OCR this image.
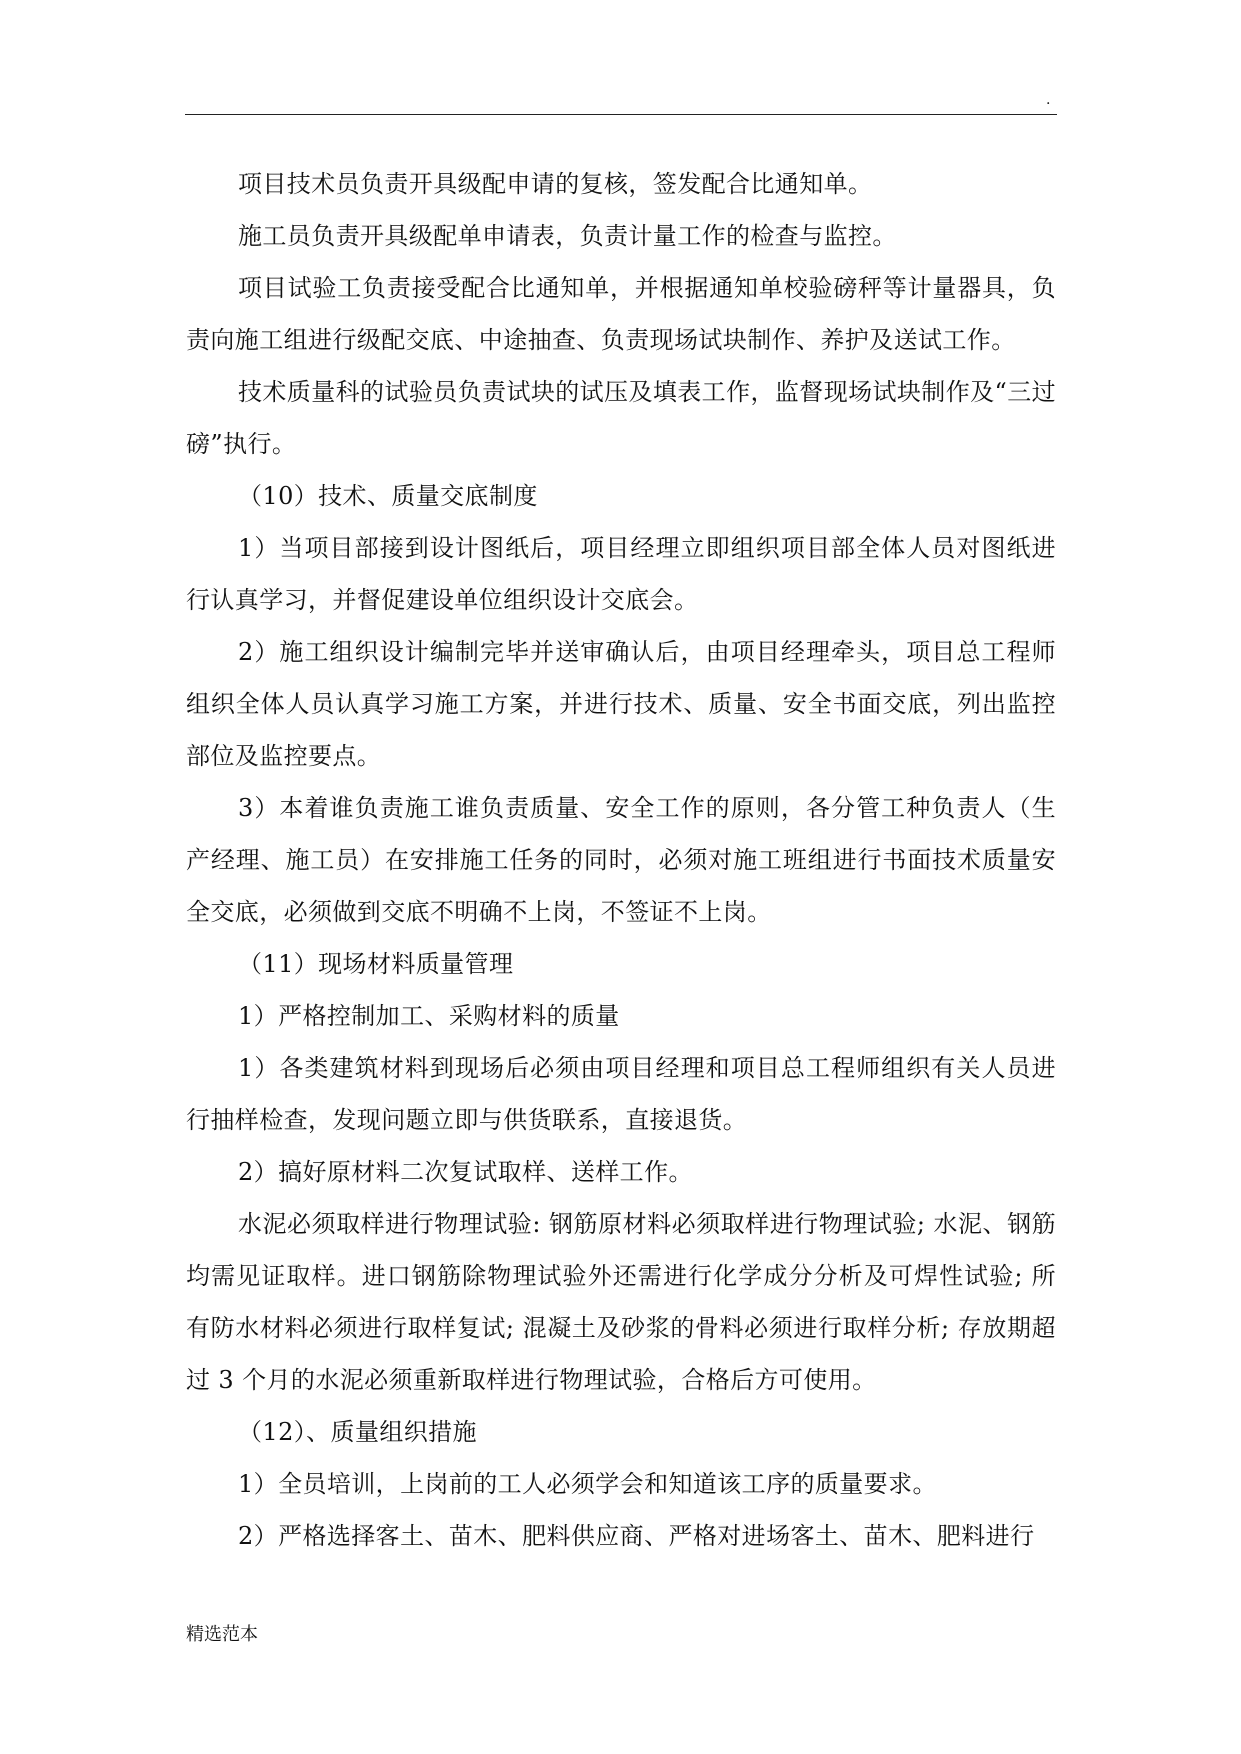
.

项目技术员负责开具级配申请的复核，签发配合比通知单。

施工员负责开具级配单申请表，负责计量工作的检查与监控。

项目试验工负责接受配合比通知单，并根据通知单校验磅秤等计量器具，负责向施工组进行级配交底、中途抽查、负责现场试块制作、养护及送试工作。

技术质量科的试验员负责试块的试压及填表工作，监督现场试块制作及“三过磅”执行。

（10）技术、质量交底制度

1）当项目部接到设计图纸后，项目经理立即组织项目部全体人员对图纸进行认真学习，并督促建设单位组织设计交底会。

2）施工组织设计编制完毕并送审确认后，由项目经理牵头，项目总工程师组织全体人员认真学习施工方案，并进行技术、质量、安全书面交底，列出监控部位及监控要点。

3）本着谁负责施工谁负责质量、安全工作的原则，各分管工种负责人（生产经理、施工员）在安排施工任务的同时，必须对施工班组进行书面技术质量安全交底，必须做到交底不明确不上岗，不签证不上岗。

（11）现场材料质量管理

1）严格控制加工、采购材料的质量

1）各类建筑材料到现场后必须由项目经理和项目总工程师组织有关人员进行抽样检查，发现问题立即与供货联系，直接退货。

2）搞好原材料二次复试取样、送样工作。

水泥必须取样进行物理试验: 钢筋原材料必须取样进行物理试验; 水泥、钢筋均需见证取样。进口钢筋除物理试验外还需进行化学成分分析及可焊性试验; 所有防水材料必须进行取样复试; 混凝土及砂浆的骨料必须进行取样分析; 存放期超过 3 个月的水泥必须重新取样进行物理试验，合格后方可使用。

（12）、质量组织措施

1）全员培训，上岗前的工人必须学会和知道该工序的质量要求。

2）严格选择客土、苗木、肥料供应商、严格对进场客土、苗木、肥料进行

精选范本
